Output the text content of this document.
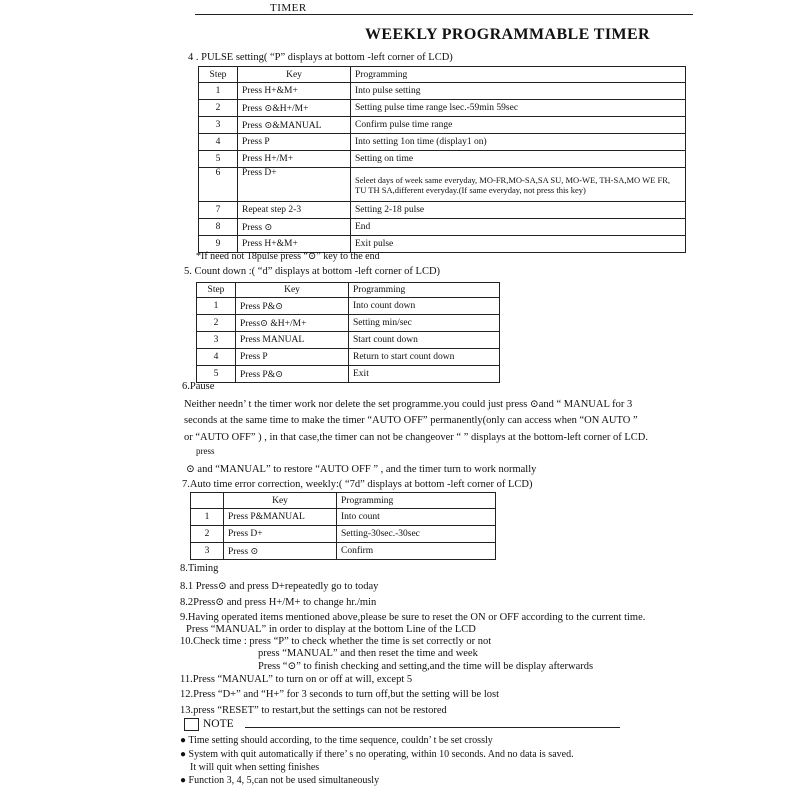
TIMER
WEEKLY PROGRAMMABLE TIMER
4 . PULSE setting( “P” displays at bottom -left corner of LCD)
Step	Key	Programming
1	Press H+&M+	Into pulse setting
2	Press ⊙&H+/M+	Setting pulse time range lsec.-59min 59sec
3	Press ⊙&MANUAL	Confirm pulse time range
4	Press P	Into setting 1on time (display1 on)
5	Press H+/M+	Setting on time
6	Press D+	Seleet days of week same everyday, MO-FR,MO-SA,SA SU, MO-WE, TH-SA,MO WE FR, TU TH SA,different everyday.(If same everyday, not press this key)
7	Repeat step 2-3	Setting 2-18 pulse
8	Press ⊙	End
9	Press H+&M+	Exit pulse
*If need not 18pulse press “⊙” key to the end
5. Count down :( “d” displays at bottom -left corner of LCD)
Step	Key	Programming
1	Press P&⊙	Into count down
2	Press⊙ &H+/M+	Setting min/sec
3	Press MANUAL	Start count down
4	Press P	Return to start count down
5	Press P&⊙	Exit
6.Pause
Neither needn’ t the timer work nor delete the set programme.you could just press ⊙and “ MANUAL for 3
seconds at the same time to make the timer “AUTO OFF” permanently(only can access when “ON AUTO ”
or “AUTO OFF” ) , in that case,the timer can not be changeover “ ” displays at the bottom-left corner of LCD.
press
⊙ and “MANUAL” to restore “AUTO OFF ” , and the timer turn to work normally
7.Auto time error correction, weekly:( “7d” displays at bottom -left corner of LCD)
	Key	Programming
1	Press P&MANUAL	Into count
2	Press D+	Setting-30sec.-30sec
3	Press ⊙	Confirm
8.Timing
8.1 Press⊙ and press D+repeatedly go to today
8.2Press⊙ and press H+/M+ to change hr./min
9.Having operated items mentioned above,please be sure to reset the ON or OFF according to the current time.
Press “MANUAL” in order to display at the bottom Line of the LCD
10.Check time : press “P” to check whether the time is set correctly or not
press “MANUAL” and then reset the time and week
Press “⊙” to finish checking and setting,and the time will be display afterwards
11.Press “MANUAL” to turn on or off at will, except 5
12.Press “D+” and “H+” for 3 seconds to turn off,but the setting will be lost
13.press “RESET” to restart,but the settings can not be restored
NOTE
● Time setting should according, to the time sequence, couldn’ t be set crossly
● System with quit automatically if there’ s no operating, within 10 seconds. And no data is saved.
It will quit when setting finishes
● Function 3, 4, 5,can not be used simultaneously
